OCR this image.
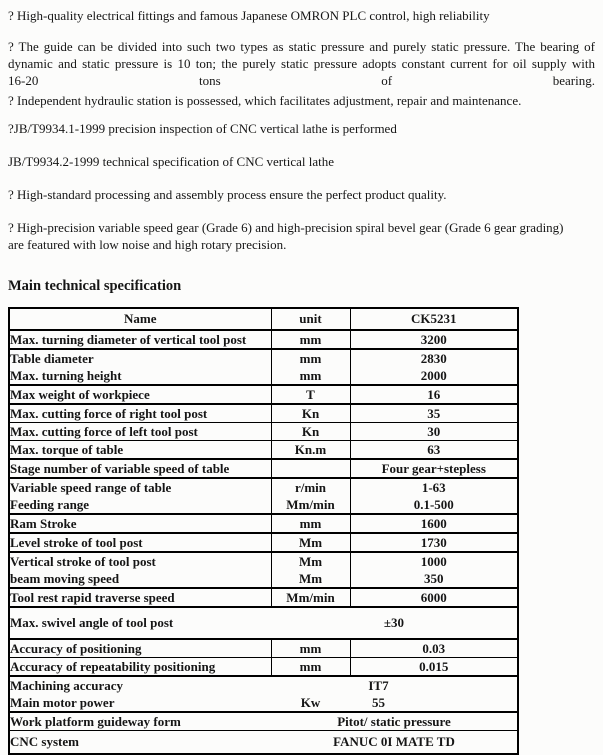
? High-quality electrical fittings and famous Japanese OMRON PLC control, high reliability

? The guide can be divided into such two types as static pressure and purely static pressure. The bearing of
dynamic and static pressure is 10 ton; the purely static pressure adopts constant current for oil supply with
16-20	tons	of	bearing.

? Independent hydraulic station is possessed, which facilitates adjustment, repair and maintenance.

?JB/T9934.1-1999 precision inspection of CNC vertical lathe is performed

JB/T9934.2-1999 technical specification of CNC vertical lathe

? High-standard processing and assembly process ensure the perfect product quality.

? High-precision variable speed gear (Grade 6) and high-precision spiral bevel gear (Grade 6 gear grading)
are featured with low noise and high rotary precision.
Main technical specification
Name	unit	CK5231
Max. turning diameter of vertical tool post	mm	3200
Table diameter	mm	2830
Max. turning height	mm	2000
Max weight of workpiece	T	16
Max. cutting force of right tool post	Kn	35
Max. cutting force of left tool post	Kn	30
Max. torque of table	Kn.m	63
Stage number of variable speed of table		Four gear+stepless
Variable speed range of table	r/min	1-63
Feeding range	Mm/min	0.1-500
Ram Stroke	mm	1600
Level stroke of tool post	Mm	1730
Vertical stroke of tool post	Mm	1000
beam moving speed	Mm	350
Tool rest rapid traverse speed	Mm/min	6000
Max. swivel angle of tool post	±30	
Accuracy of positioning	mm	0.03
Accuracy of repeatability positioning	mm	0.015
Machining accuracy		IT7
Main motor power	Kw	55
Work platform guideway form	Pitot/ static pressure	
CNC system	FANUC 0I MATE TD	
